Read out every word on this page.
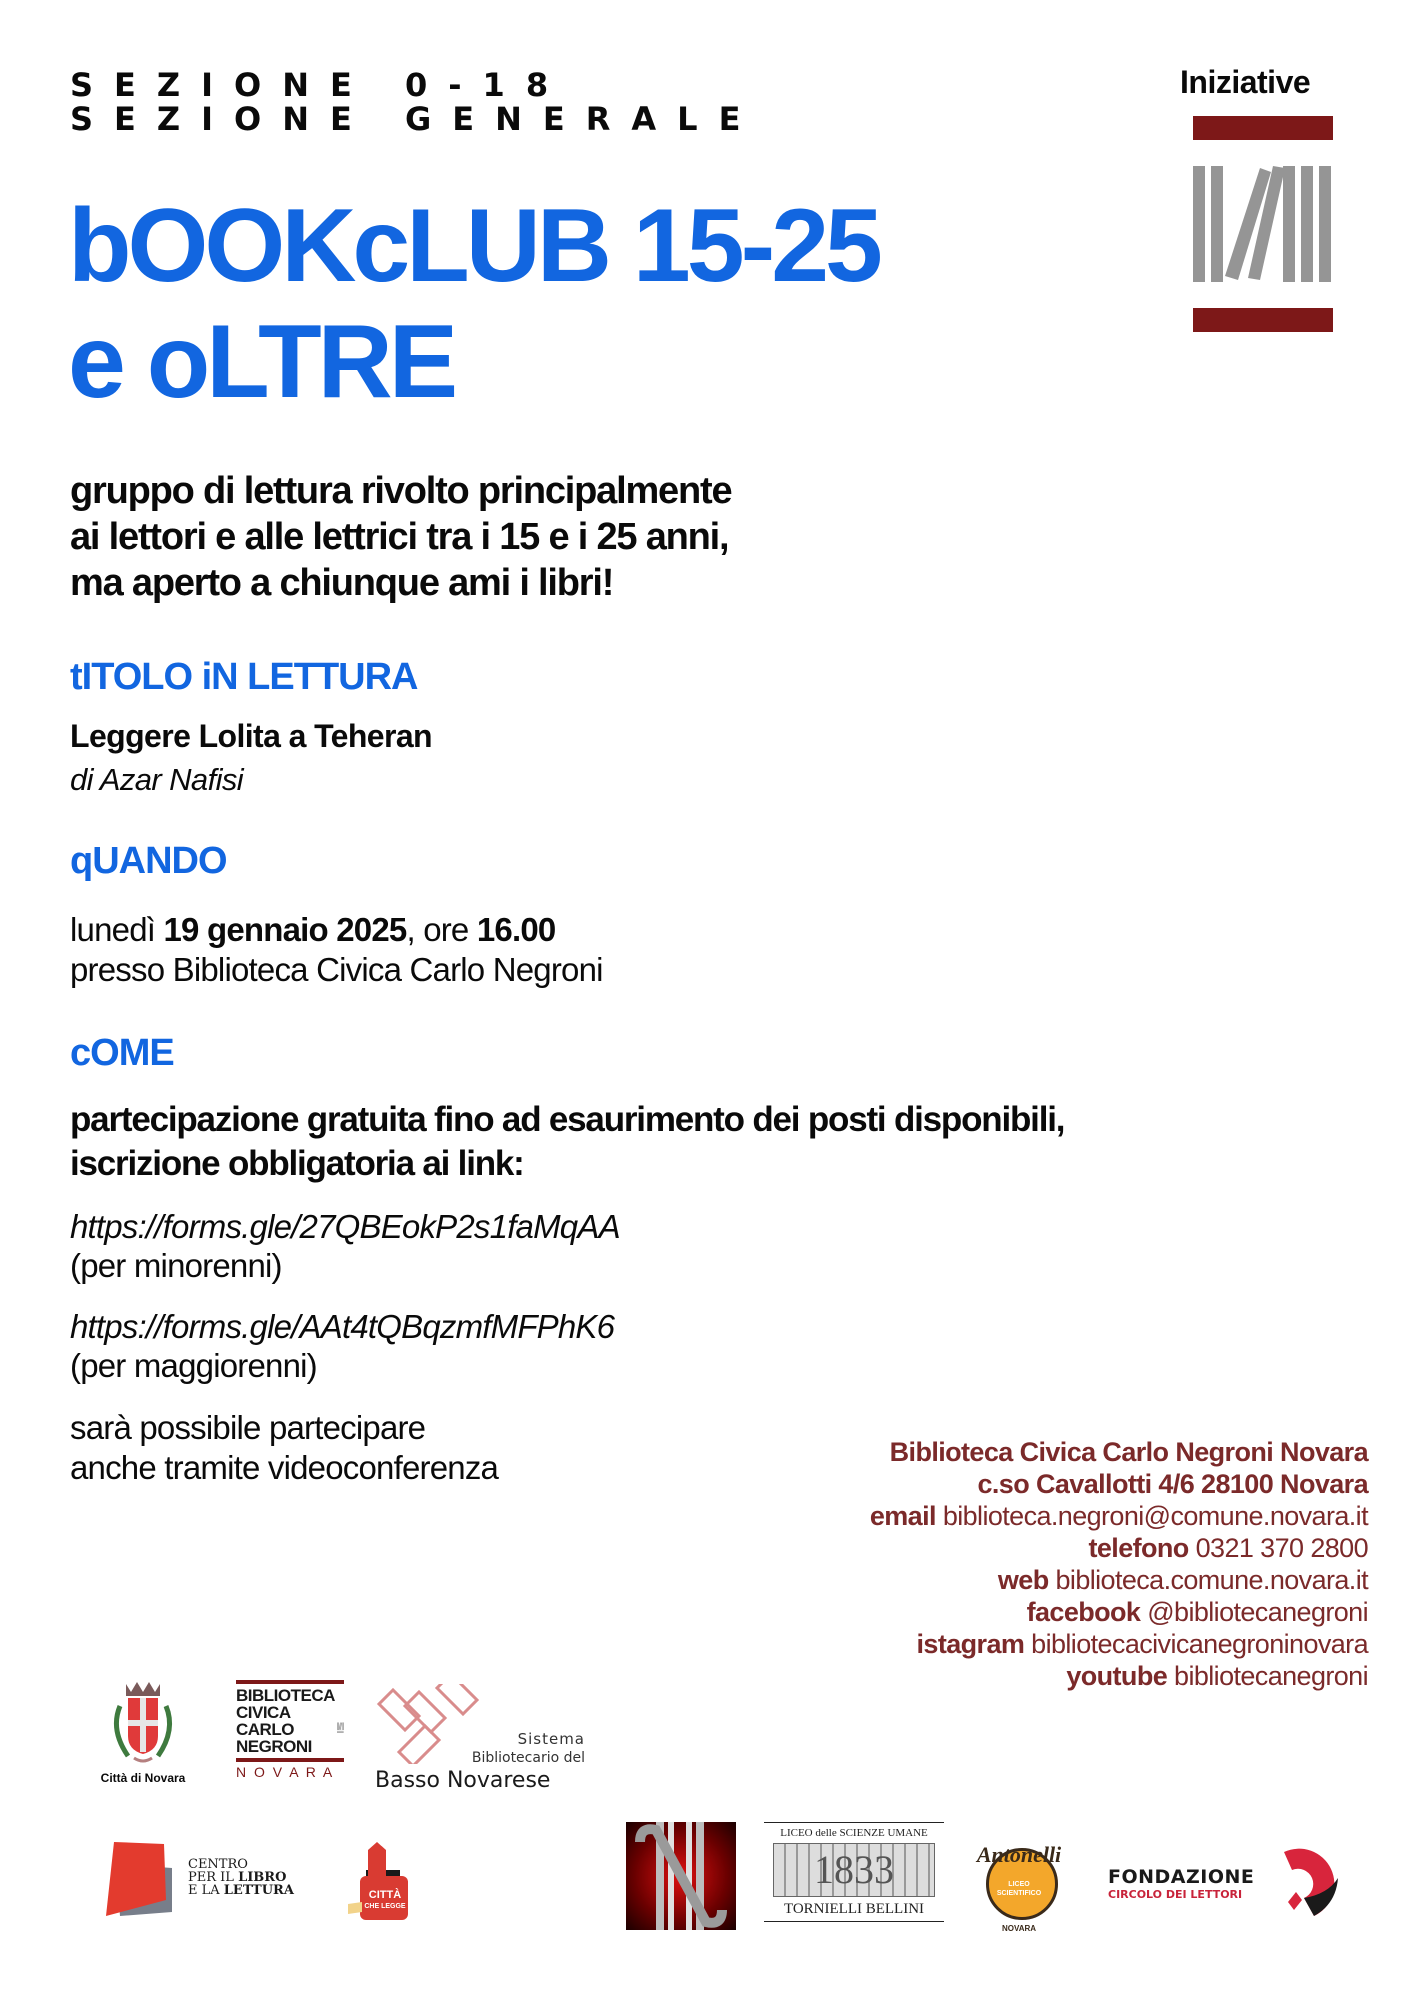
SEZIONE 0-18
SEZIONE GENERALE
bOOKcLUB 15-25
e oLTRE
Iniziative
gruppo di lettura rivolto principalmente
ai lettori e alle lettrici tra i 15 e i 25 anni,
ma aperto a chiunque ami i libri!
tITOLO iN LETTURA
Leggere Lolita a Teheran
di Azar Nafisi
qUANDO
lunedì 19 gennaio 2025, ore 16.00
presso Biblioteca Civica Carlo Negroni
cOME
partecipazione gratuita fino ad esaurimento dei posti disponibili,
iscrizione obbligatoria ai link:
https://forms.gle/27QBEokP2s1faMqAA
(per minorenni)
https://forms.gle/AAt4tQBqzmfMFPhK6
(per maggiorenni)
sarà possibile partecipare
anche tramite videoconferenza	Biblioteca Civica Carlo Negroni Novara
c.so Cavallotti 4/6 28100 Novara
email biblioteca.negroni@comune.novara.it
telefono 0321 370 2800
web biblioteca.comune.novara.it
facebook @bibliotecanegroni
istagram bibliotecacivicanegroninovara
youtube bibliotecanegroni
Città di Novara
BIBLIOTECA
CIVICA
CARLO
NEGRONI
N O V A R A
Sistema
Bibliotecario del
Basso Novarese
CENTRO
PER IL LIBRO
E LA LETTURA	CITTÀ
CHE LEGGE
LICEO delle SCIENZE UMANE
1833
TORNIELLI BELLINI
Antonelli
LICEO
SCIENTIFICO
NOVARA
FONDAZIONE
CIRCOLO DEI LETTORI
